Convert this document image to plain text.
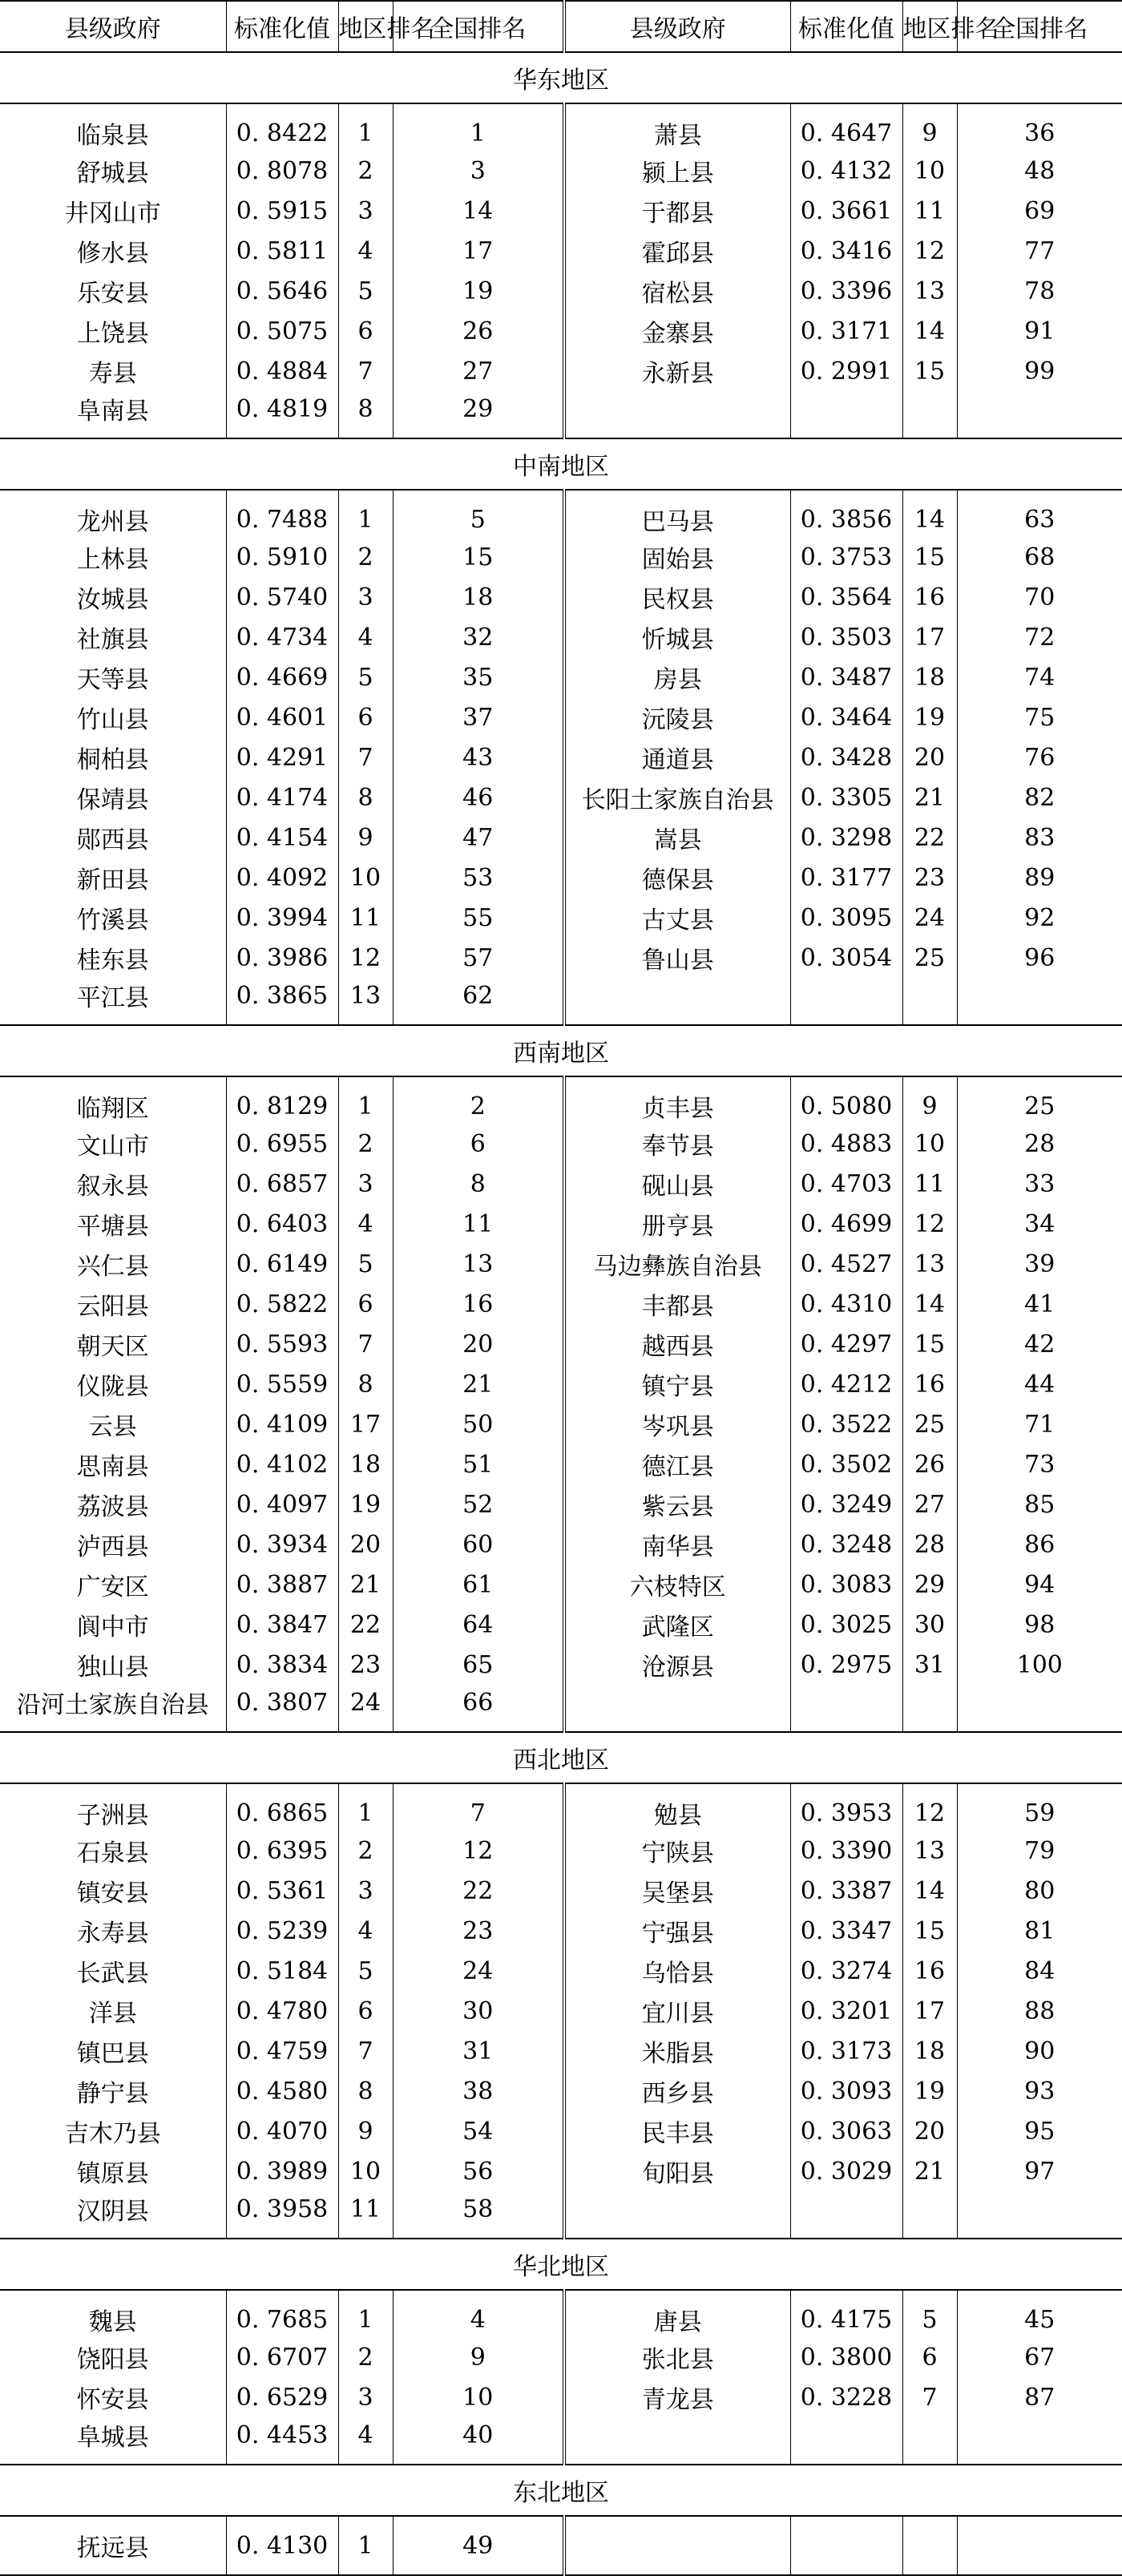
县级政府	标准化值	地区排名	全国排名	县级政府	标准化值	地区排名	全国排名
华东地区							
临泉县	0. 8422	1	1	萧县	0. 4647	9	36
舒城县	0. 8078	2	3	颍上县	0. 4132	10	48
井冈山市	0. 5915	3	14	于都县	0. 3661	11	69
修水县	0. 5811	4	17	霍邱县	0. 3416	12	77
乐安县	0. 5646	5	19	宿松县	0. 3396	13	78
上饶县	0. 5075	6	26	金寨县	0. 3171	14	91
寿县	0. 4884	7	27	永新县	0. 2991	15	99
阜南县	0. 4819	8	29				
中南地区							
龙州县	0. 7488	1	5	巴马县	0. 3856	14	63
上林县	0. 5910	2	15	固始县	0. 3753	15	68
汝城县	0. 5740	3	18	民权县	0. 3564	16	70
社旗县	0. 4734	4	32	忻城县	0. 3503	17	72
天等县	0. 4669	5	35	房县	0. 3487	18	74
竹山县	0. 4601	6	37	沅陵县	0. 3464	19	75
桐柏县	0. 4291	7	43	通道县	0. 3428	20	76
保靖县	0. 4174	8	46	长阳土家族自治县	0. 3305	21	82
郧西县	0. 4154	9	47	嵩县	0. 3298	22	83
新田县	0. 4092	10	53	德保县	0. 3177	23	89
竹溪县	0. 3994	11	55	古丈县	0. 3095	24	92
桂东县	0. 3986	12	57	鲁山县	0. 3054	25	96
平江县	0. 3865	13	62				
西南地区							
临翔区	0. 8129	1	2	贞丰县	0. 5080	9	25
文山市	0. 6955	2	6	奉节县	0. 4883	10	28
叙永县	0. 6857	3	8	砚山县	0. 4703	11	33
平塘县	0. 6403	4	11	册亨县	0. 4699	12	34
兴仁县	0. 6149	5	13	马边彝族自治县	0. 4527	13	39
云阳县	0. 5822	6	16	丰都县	0. 4310	14	41
朝天区	0. 5593	7	20	越西县	0. 4297	15	42
仪陇县	0. 5559	8	21	镇宁县	0. 4212	16	44
云县	0. 4109	17	50	岑巩县	0. 3522	25	71
思南县	0. 4102	18	51	德江县	0. 3502	26	73
荔波县	0. 4097	19	52	紫云县	0. 3249	27	85
泸西县	0. 3934	20	60	南华县	0. 3248	28	86
广安区	0. 3887	21	61	六枝特区	0. 3083	29	94
阆中市	0. 3847	22	64	武隆区	0. 3025	30	98
独山县	0. 3834	23	65	沧源县	0. 2975	31	100
沿河土家族自治县	0. 3807	24	66				
西北地区							
子洲县	0. 6865	1	7	勉县	0. 3953	12	59
石泉县	0. 6395	2	12	宁陕县	0. 3390	13	79
镇安县	0. 5361	3	22	吴堡县	0. 3387	14	80
永寿县	0. 5239	4	23	宁强县	0. 3347	15	81
长武县	0. 5184	5	24	乌恰县	0. 3274	16	84
洋县	0. 4780	6	30	宜川县	0. 3201	17	88
镇巴县	0. 4759	7	31	米脂县	0. 3173	18	90
静宁县	0. 4580	8	38	西乡县	0. 3093	19	93
吉木乃县	0. 4070	9	54	民丰县	0. 3063	20	95
镇原县	0. 3989	10	56	旬阳县	0. 3029	21	97
汉阴县	0. 3958	11	58				
华北地区							
魏县	0. 7685	1	4	唐县	0. 4175	5	45
饶阳县	0. 6707	2	9	张北县	0. 3800	6	67
怀安县	0. 6529	3	10	青龙县	0. 3228	7	87
阜城县	0. 4453	4	40				
东北地区							
抚远县	0. 4130	1	49				
